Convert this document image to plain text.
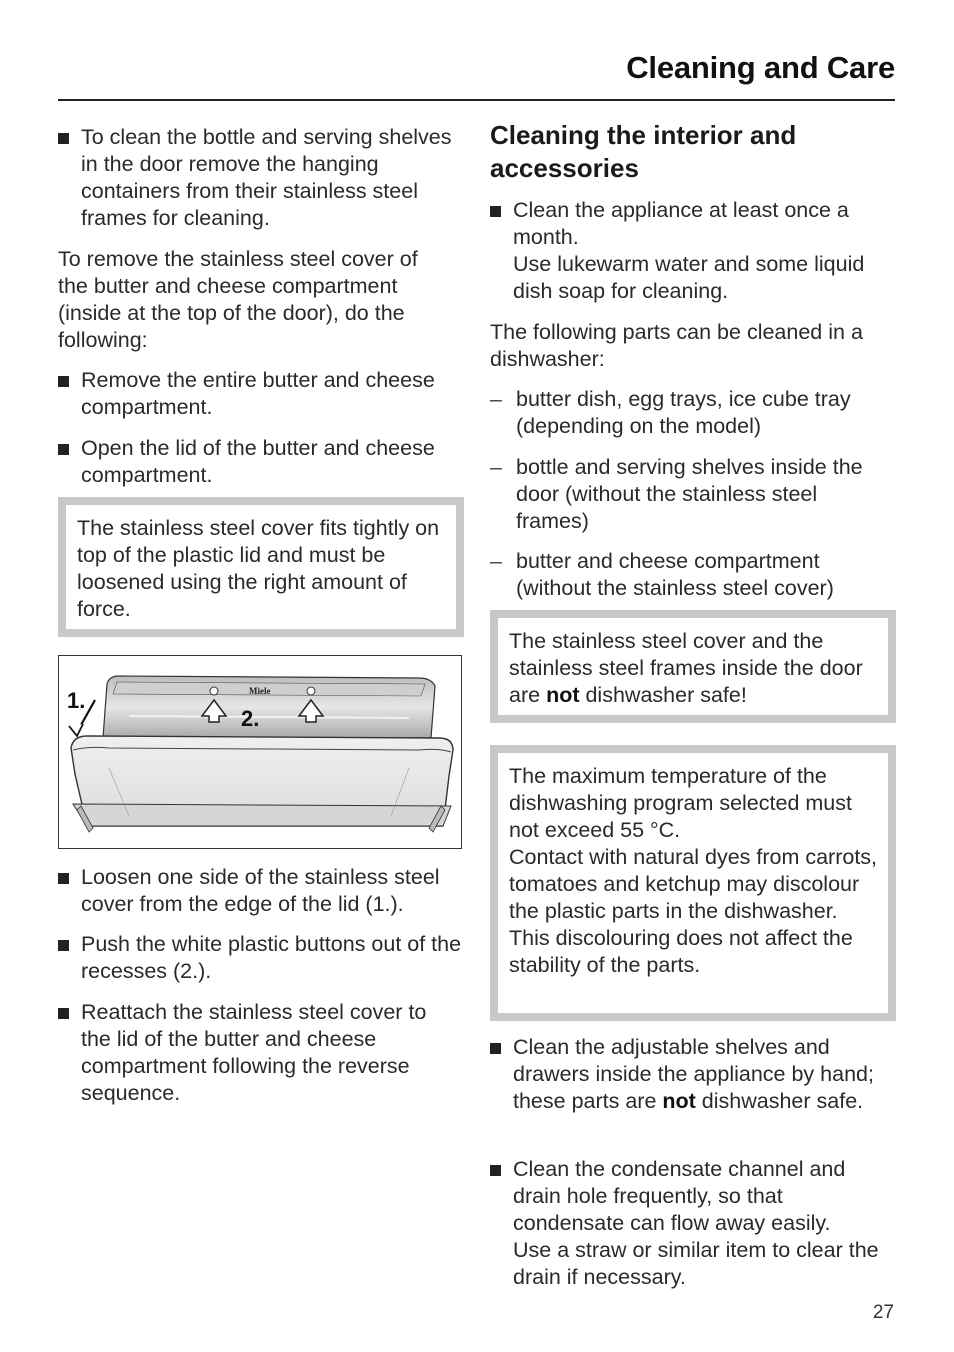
Cleaning and Care
To clean the bottle and serving shelves in the door remove the hanging containers from their stainless steel frames for cleaning.
To remove the stainless steel cover of the butter and cheese compartment (inside at the top of the door), do the following:
Remove the entire butter and cheese compartment.
Open the lid of the butter and cheese compartment.
The stainless steel cover fits tightly on top of the plastic lid and must be loosened using the right amount of force.
Miele
2.
1.
Loosen one side of the stainless steel cover from the edge of the lid (1.).
Push the white plastic buttons out of the recesses (2.).
Reattach the stainless steel cover to the lid of the butter and cheese compartment following the reverse sequence.
Cleaning the interior and accessories
Clean the appliance at least once a month.
Use lukewarm water and some liquid dish soap for cleaning.
The following parts can be cleaned in a dishwasher:
– butter dish, egg trays, ice cube tray (depending on the model)
– bottle and serving shelves inside the door (without the stainless steel frames)
– butter and cheese compartment (without the stainless steel cover)
The stainless steel cover and the stainless steel frames inside the door are not dishwasher safe!
The maximum temperature of the dishwashing program selected must not exceed 55 °C.
Contact with natural dyes from carrots, tomatoes and ketchup may discolour the plastic parts in the dishwasher.
This discolouring does not affect the stability of the parts.
Clean the adjustable shelves and drawers inside the appliance by hand; these parts are not dishwasher safe.
Clean the condensate channel and drain hole frequently, so that condensate can flow away easily.
Use a straw or similar item to clear the drain if necessary.
27
